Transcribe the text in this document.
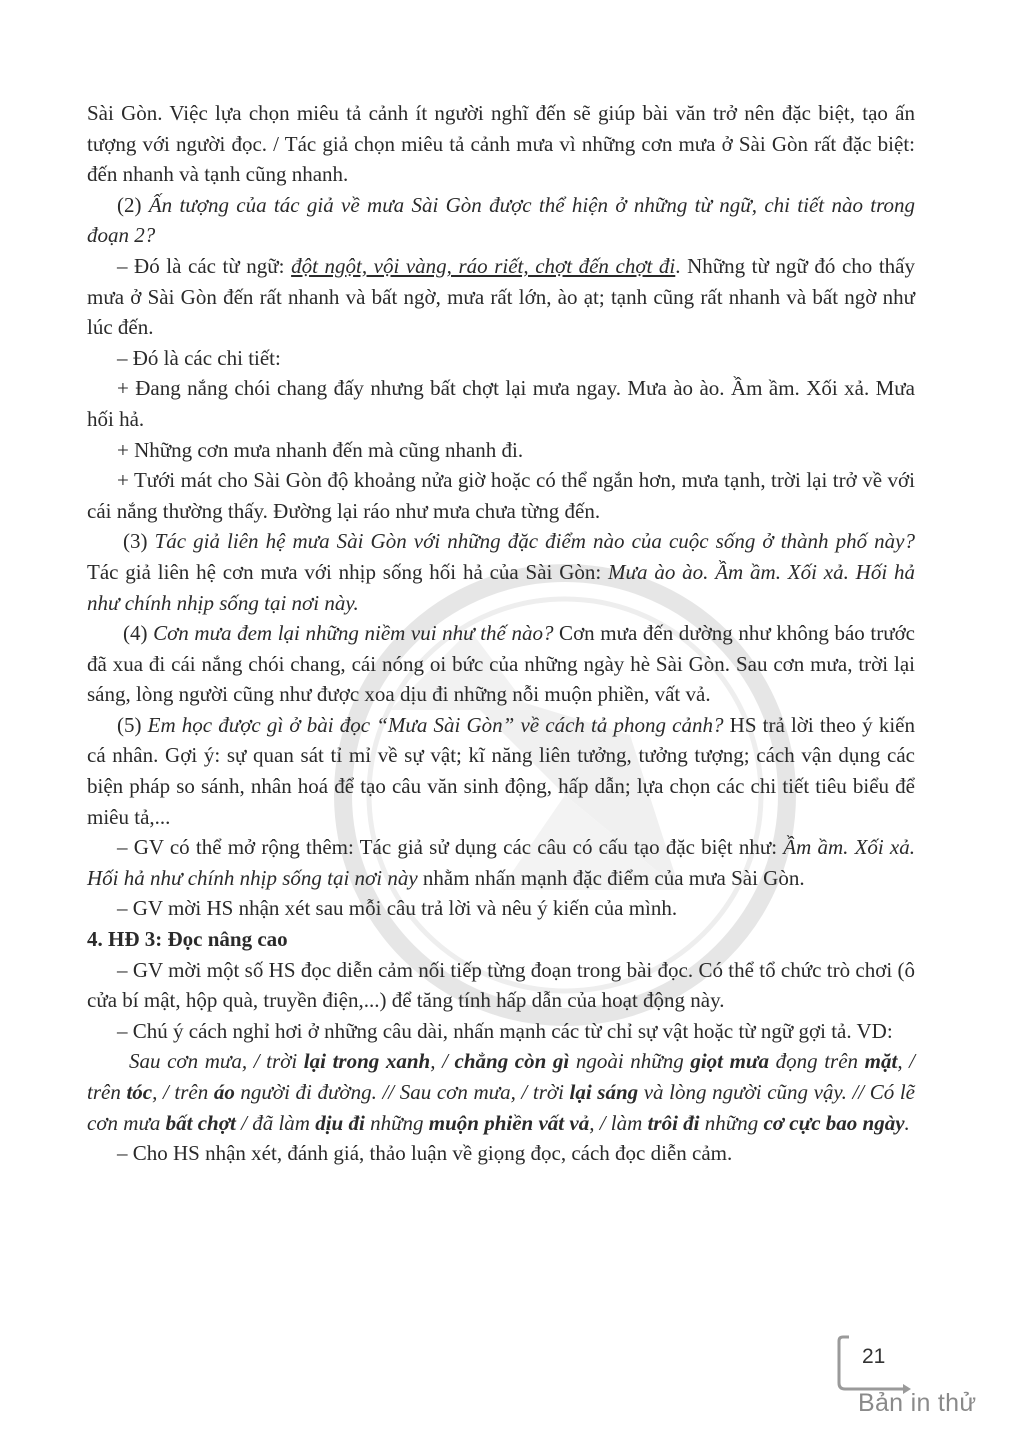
Sài Gòn. Việc lựa chọn miêu tả cảnh ít người nghĩ đến sẽ giúp bài văn trở nên đặc biệt, tạo ấn tượng với người đọc. / Tác giả chọn miêu tả cảnh mưa vì những cơn mưa ở Sài Gòn rất đặc biệt: đến nhanh và tạnh cũng nhanh.

(2) Ấn tượng của tác giả về mưa Sài Gòn được thể hiện ở những từ ngữ, chi tiết nào trong đoạn 2?

– Đó là các từ ngữ: đột ngột, vội vàng, ráo riết, chợt đến chợt đi. Những từ ngữ đó cho thấy mưa ở Sài Gòn đến rất nhanh và bất ngờ, mưa rất lớn, ào ạt; tạnh cũng rất nhanh và bất ngờ như lúc đến.

– Đó là các chi tiết:

+ Đang nắng chói chang đấy nhưng bất chợt lại mưa ngay. Mưa ào ào. Ầm ầm. Xối xả. Mưa hối hả.

+ Những cơn mưa nhanh đến mà cũng nhanh đi.

+ Tưới mát cho Sài Gòn độ khoảng nửa giờ hoặc có thể ngắn hơn, mưa tạnh, trời lại trở về với cái nắng thường thấy. Đường lại ráo như mưa chưa từng đến.

(3) Tác giả liên hệ mưa Sài Gòn với những đặc điểm nào của cuộc sống ở thành phố này? Tác giả liên hệ cơn mưa với nhịp sống hối hả của Sài Gòn: Mưa ào ào. Ầm ầm. Xối xả. Hối hả như chính nhịp sống tại nơi này.

(4) Cơn mưa đem lại những niềm vui như thế nào? Cơn mưa đến dường như không báo trước đã xua đi cái nắng chói chang, cái nóng oi bức của những ngày hè Sài Gòn. Sau cơn mưa, trời lại sáng, lòng người cũng như được xoa dịu đi những nỗi muộn phiền, vất vả.

(5) Em học được gì ở bài đọc “Mưa Sài Gòn” về cách tả phong cảnh? HS trả lời theo ý kiến cá nhân. Gợi ý: sự quan sát tỉ mỉ về sự vật; kĩ năng liên tưởng, tưởng tượng; cách vận dụng các biện pháp so sánh, nhân hoá để tạo câu văn sinh động, hấp dẫn; lựa chọn các chi tiết tiêu biểu để miêu tả,...

– GV có thể mở rộng thêm: Tác giả sử dụng các câu có cấu tạo đặc biệt như: Ầm ầm. Xối xả. Hối hả như chính nhịp sống tại nơi này nhằm nhấn mạnh đặc điểm của mưa Sài Gòn.

– GV mời HS nhận xét sau mỗi câu trả lời và nêu ý kiến của mình.

4. HĐ 3: Đọc nâng cao

– GV mời một số HS đọc diễn cảm nối tiếp từng đoạn trong bài đọc. Có thể tổ chức trò chơi (ô cửa bí mật, hộp quà, truyền điện,...) để tăng tính hấp dẫn của hoạt động này.

– Chú ý cách nghỉ hơi ở những câu dài, nhấn mạnh các từ chỉ sự vật hoặc từ ngữ gợi tả. VD:

Sau cơn mưa, / trời lại trong xanh, / chẳng còn gì ngoài những giọt mưa đọng trên mặt, / trên tóc, / trên áo người đi đường. // Sau cơn mưa, / trời lại sáng và lòng người cũng vậy. // Có lẽ cơn mưa bất chợt / đã làm dịu đi những muộn phiền vất vả, / làm trôi đi những cơ cực bao ngày.

– Cho HS nhận xét, đánh giá, thảo luận về giọng đọc, cách đọc diễn cảm.

21
Bản in thử
